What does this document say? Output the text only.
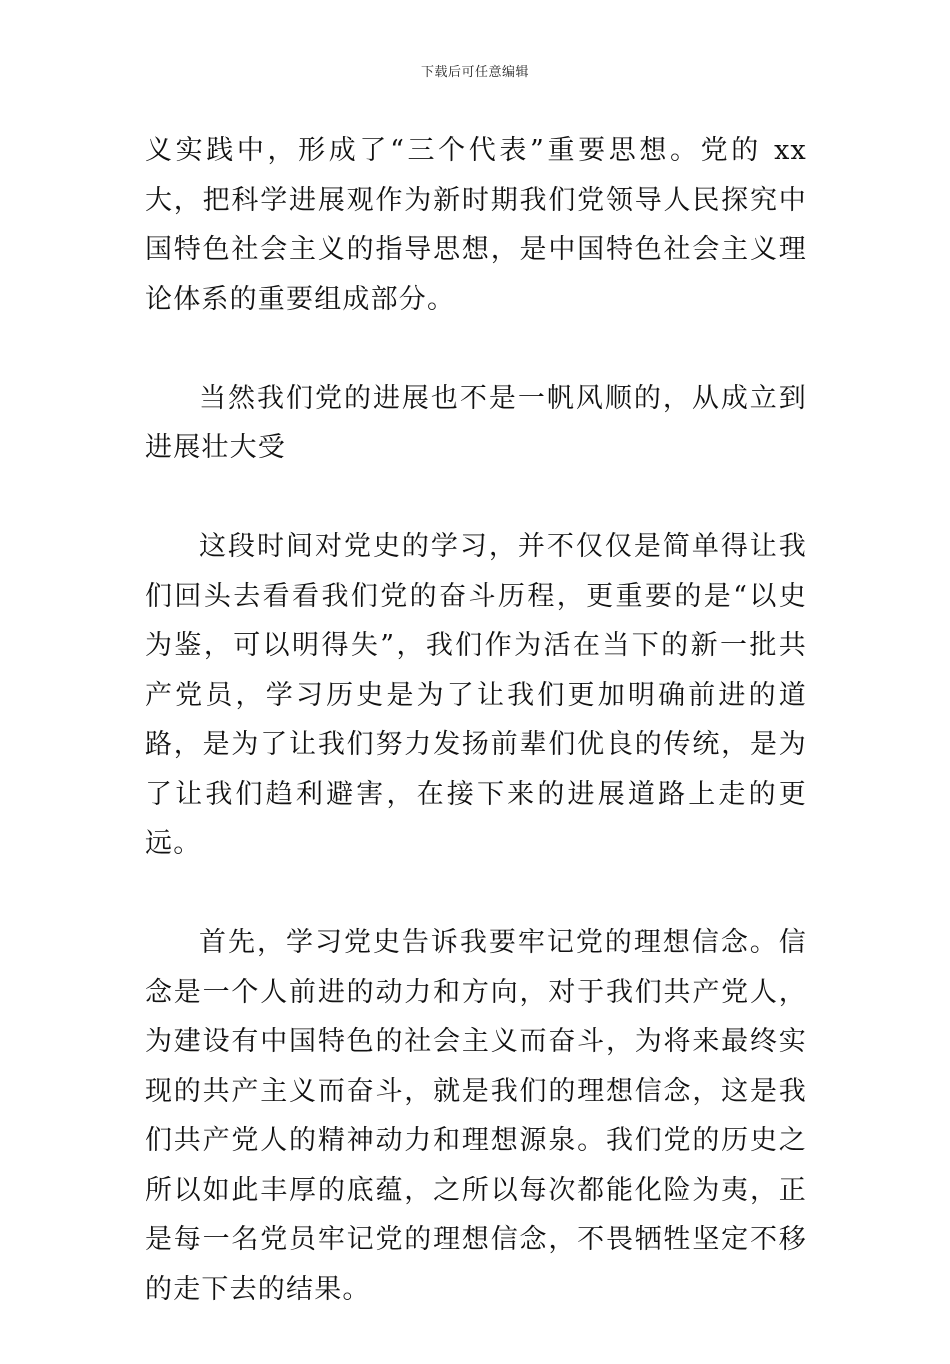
下载后可任意编辑

义实践中，形成了“三个代表”重要思想。党的 xx 大，把科学进展观作为新时期我们党领导人民探究中国特色社会主义的指导思想，是中国特色社会主义理论体系的重要组成部分。

当然我们党的进展也不是一帆风顺的，从成立到进展壮大受

这段时间对党史的学习，并不仅仅是简单得让我们回头去看看我们党的奋斗历程，更重要的是“以史为鉴，可以明得失”，我们作为活在当下的新一批共产党员，学习历史是为了让我们更加明确前进的道路，是为了让我们努力发扬前辈们优良的传统，是为了让我们趋利避害，在接下来的进展道路上走的更远。

首先，学习党史告诉我要牢记党的理想信念。信念是一个人前进的动力和方向，对于我们共产党人，为建设有中国特色的社会主义而奋斗，为将来最终实现的共产主义而奋斗，就是我们的理想信念，这是我们共产党人的精神动力和理想源泉。我们党的历史之所以如此丰厚的底蕴，之所以每次都能化险为夷，正是每一名党员牢记党的理想信念，不畏牺牲坚定不移的走下去的结果。
